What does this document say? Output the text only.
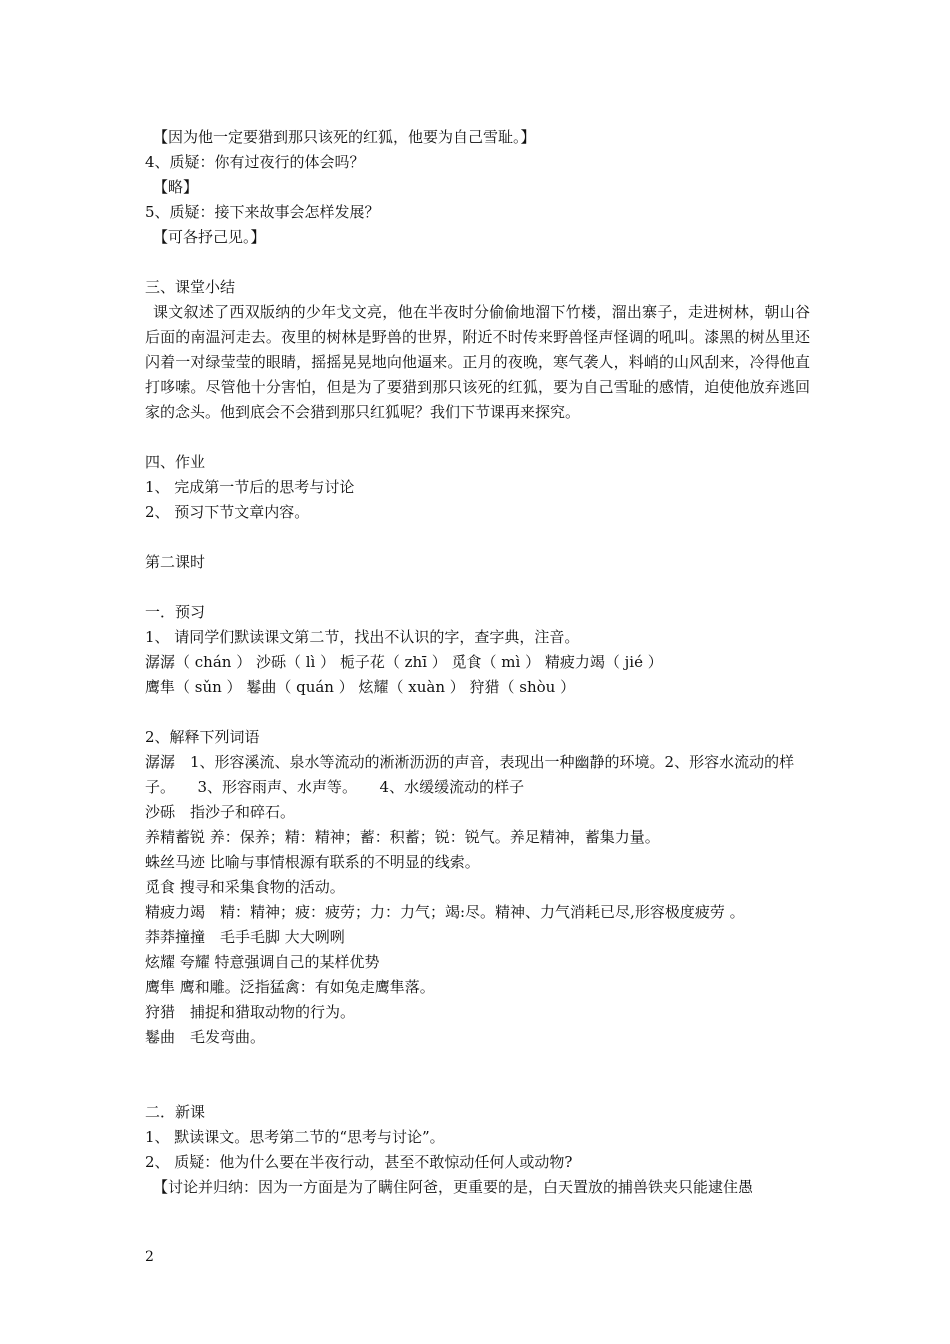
【因为他一定要猎到那只该死的红狐，他要为自己雪耻。】
4、质疑：你有过夜行的体会吗？
【略】
5、质疑：接下来故事会怎样发展？
【可各抒己见。】
三、课堂小结
课文叙述了西双版纳的少年戈文亮，他在半夜时分偷偷地溜下竹楼，溜出寨子，走进树林，朝山谷后面的南温河走去。夜里的树林是野兽的世界，附近不时传来野兽怪声怪调的吼叫。漆黑的树丛里还闪着一对绿莹莹的眼睛，摇摇晃晃地向他逼来。正月的夜晚，寒气袭人，料峭的山风刮来，冷得他直打哆嗦。尽管他十分害怕，但是为了要猎到那只该死的红狐，要为自己雪耻的感情，迫使他放弃逃回家的念头。他到底会不会猎到那只红狐呢？我们下节课再来探究。
四、作业
1、 完成第一节后的思考与讨论
2、 预习下节文章内容。
第二课时
一．预习
1、 请同学们默读课文第二节，找出不认识的字，查字典，注音。
潺潺（ chán ） 沙砾（ lì ） 栀子花（ zhī ） 觅食（ mì ） 精疲力竭（ jié ）
鹰隼（ sǔn ） 鬈曲（ quán ） 炫耀（ xuàn ） 狩猎（ shòu ）
2、解释下列词语
潺潺　1、形容溪流、泉水等流动的淅淅沥沥的声音，表现出一种幽静的环境。2、形容水流动的样子。　　3、形容雨声、水声等。　　4、水缓缓流动的样子
沙砾　指沙子和碎石。
养精蓄锐 养：保养；精：精神；蓄：积蓄；锐：锐气。养足精神，蓄集力量。
蛛丝马迹 比喻与事情根源有联系的不明显的线索。
觅食 搜寻和采集食物的活动。
精疲力竭　精：精神；疲：疲劳；力：力气；竭:尽。精神、力气消耗已尽,形容极度疲劳 。
莽莽撞撞　毛手毛脚 大大咧咧
炫耀 夸耀 特意强调自己的某样优势
鹰隼 鹰和雕。泛指猛禽：有如兔走鹰隼落。
狩猎　捕捉和猎取动物的行为。
鬈曲　毛发弯曲。
二．新课
1、 默读课文。思考第二节的“思考与讨论”。
2、 质疑：他为什么要在半夜行动，甚至不敢惊动任何人或动物?
【讨论并归纳：因为一方面是为了瞒住阿爸，更重要的是，白天置放的捕兽铁夹只能逮住愚
2
